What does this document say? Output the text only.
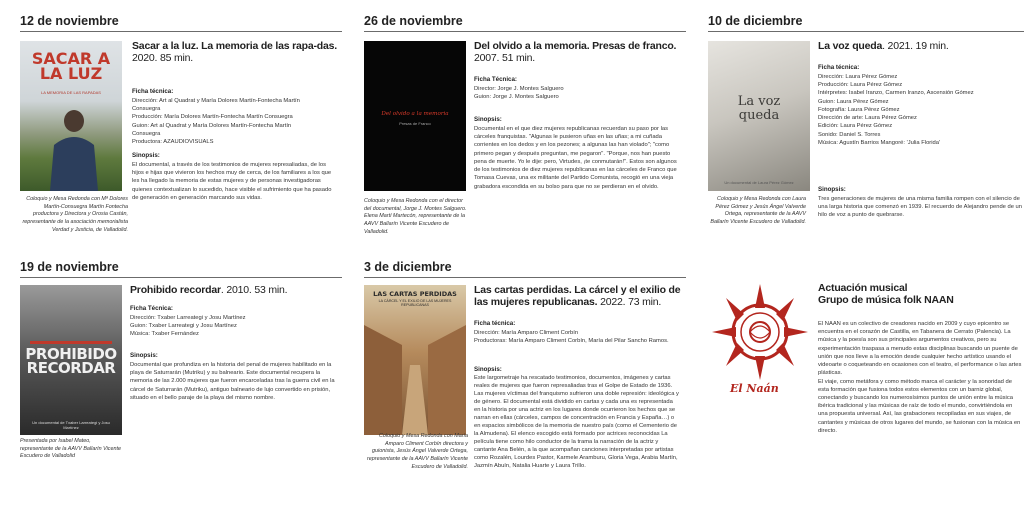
12 de noviembre
SACAR A LA LUZ
LA MEMORIA DE LAS RAPADAS
Coloquio y Mesa Redonda con Mª Dolores Martín-Consuegra Martín Fontecha productora y Directora y Orosia Castán, representante de la asociación memorialista Verdad y Justicia, de Valladolid.
Sacar a la luz. La memoria de las rapa-das. 2020. 85 min.
Ficha técnica:

Dirección: Art al Quadrat y María Dolores Martín-Fontecha Martín

Consuegra

Producción: María Dolores Martín-Fontecha Martín Consuegra

Guion: Art al Quadrat y María Dolores Martín-Fontecha Martín

Consuegra

Productora: AZAUDIOVISUALS

Sinopsis:
El documental, a través de los testimonios de mujeres represaliadas, de los hijos e hijas que vivieron los hechos muy de cerca, de los familiares a los que les ha llegado la memoria de estas mujeres y de personas investigadoras quienes contextualizan lo sucedido, hace visible el sufrimiento que ha pasado de generación en generación marcando sus vidas.
26 de noviembre
Del olvido a la memoria
Presas de Franco
Coloquio y Mesa Redonda con el director del documental, Jorge J. Montes Salguero. Elena Martí Martecón, representante de la AAVV Ballarín Vicente Escudero de Valladolid.
Del olvido a la memoria. Presas de franco. 2007. 51 min.
Ficha Técnica:

Director: Jorge J. Montes Salguero

Guion: Jorge J. Montes Salguero

Sinopsis:
Documental en el que diez mujeres republicanas recuerdan su paso por las cárceles franquistas. "Algunas le pusieron uñas en las uñas; a mi cuñada corrientes en los dedos y en los pezones; a algunas las han violado"; "como primero pegan y después preguntan, me pegaron". "Porque, nos han puesto pena de muerte. Yo le dije: pero, Virtudes, ¡te conmutarán!". Estos son algunos de los testimonios de diez mujeres republicanas en las cárceles de Franco que Tomasa Cuevas, una ex militante del Partido Comunista, recogió en una vieja grabadora escondida en su bolso para que no se perdieran en el olvido.
10 de diciembre
La voz queda
Un documental de Laura Pérez Gómez
Coloquio y Mesa Redonda con Laura Pérez Gómez y Jesús Ángel Valverde Ortega, representante de la AAVV Ballarín Vicente Escudero de Valladolid.
La voz queda. 2021. 19 min.
Ficha técnica:

Dirección: Laura Pérez Gómez

Producción: Laura Pérez Gómez

Intérpretes: Isabel Iranzo, Carmen Iranzo, Ascensión Gómez

Guion: Laura Pérez Gómez

Fotografía: Laura Pérez Gómez

Dirección de arte: Laura Pérez Gómez

Edición: Laura Pérez Gómez

Sonido: Daniel S. Torres

Música: Agustín Barrios Mangoré: 'Julia Florida'

Sinopsis:
Tres generaciones de mujeres de una misma familia rompen con el silencio de una larga historia que comenzó en 1939. El recuerdo de Alejandro pende de un hilo de voz a punto de quebrarse.
19 de noviembre
PROHIBIDO RECORDAR
Un documental de Txaber Larreategi y Josu Martínez
Presentada por Isabel Mateo, representante de la AAVV Ballarín Vicente Escudero de Valladolid
Prohibido recordar. 2010. 53 min.
Ficha Técnica:

Dirección: Txaber Larreategi y Josu Martínez

Guion: Txaber Larreategi y Josu Martínez

Música: Txaber Fernández

Sinopsis:
Documental que profundiza en la historia del penal de mujeres habilitado en la playa de Saturrarán (Mutriku) y su balneario. Este documental recupera la memoria de las 2.000 mujeres que fueron encarceladas tras la guerra civil en la cárcel de Saturrarán (Mutriku), antiguo balneario de lujo convertido en prisión, situado en el bello paraje de la playa del mismo nombre.
3 de diciembre
LAS CARTAS PERDIDAS
LA CÁRCEL Y EL EXILIO DE LAS MUJERES REPUBLICANAS
Coloquio y Mesa Redonda con María Amparo Climent Corbín directora y guionista, Jesús Ángel Valverde Ortega, representante de la AAVV Ballarín Vicente Escudero de Valladolid.
Las cartas perdidas. La cárcel y el exilio de las mujeres republicanas. 2022. 73 min.
Ficha técnica:

Dirección: María Amparo Climent Corbín

Productoras: María Amparo Climent Corbín, María del Pilar Sancho Ramos.

Sinopsis:
Este largometraje ha rescatado testimonios, documentos, imágenes y cartas reales de mujeres que fueron represaliadas tras el Golpe de Estado de 1936. Las mujeres víctimas del franquismo sufrieron una doble represión: ideológica y de género. El documental está dividido en cartas y cada una es representada en la historia por una actriz en los lugares donde ocurrieron los hechos que se narran en ellas (cárceles, campos de concentración en Francia y España…) o en espacios simbólicos de la memoria de nuestro país (como el Cementerio de la Almudena). El elenco escogido está formado por actrices reconocidas La película tiene como hilo conductor de la trama la narración de la actriz y cantante Ana Belén, a la que acompañan canciones interpretadas por artistas como Rozalén, Lourdes Pastor, Karmele Aramburu, Gloria Vega, Arabia Martín, Jazmín Abuín, Natalia Huarte y Laura Trillo.
El Naán
Actuación musical
Grupo de música folk NAAN

El NAAN es un colectivo de creadores nacido en 2009 y cuyo epicentro se encuentra en el corazón de Castilla, en Tabanera de Cerrato (Palencia). La música y la poesía son sus principales argumentos creativos, pero su experimentación traspasa a menudo estas disciplinas buscando un puente de unión que nos lleve a la emoción desde cualquier hecho artístico usando el videoarte o coqueteando en ocasiones con el teatro, el performance o las artes plásticas.

El viaje, como metáfora y como método marca el carácter y la sonoridad de esta formación que fusiona todos estos elementos con un barniz global, conectando y buscando los numerosísimos puntos de unión entre la música ibérica tradicional y las músicas de raíz de todo el mundo, convirtiéndola en una propuesta universal. Así, las grabaciones recopiladas en sus viajes, de cantantes y músicas de otros lugares del mundo, se fusionan con la música en directo.
